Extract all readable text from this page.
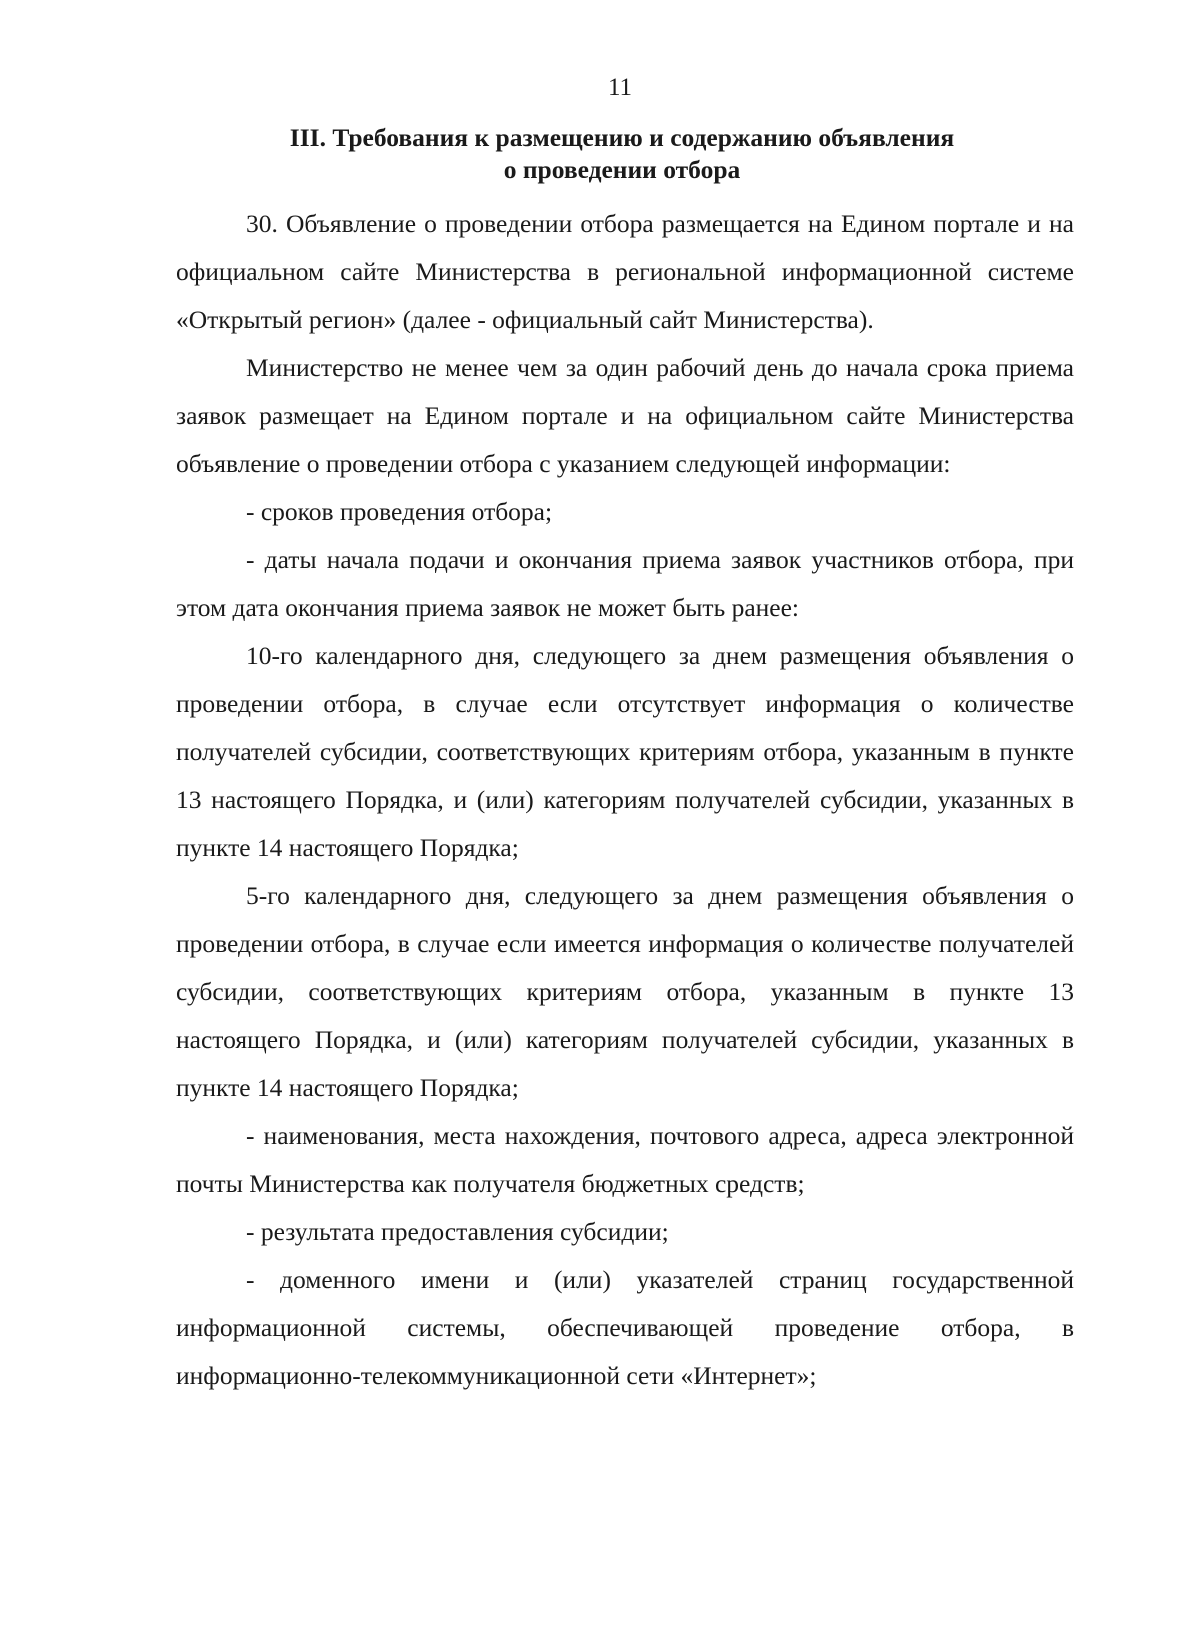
11
III. Требования к размещению и содержанию объявления
о проведении отбора

30. Объявление о проведении отбора размещается на Едином портале и на официальном сайте Министерства в региональной информационной системе «Открытый регион» (далее - официальный сайт Министерства).

Министерство не менее чем за один рабочий день до начала срока приема заявок размещает на Едином портале и на официальном сайте Министерства объявление о проведении отбора с указанием следующей информации:

- сроков проведения отбора;

- даты начала подачи и окончания приема заявок участников отбора, при этом дата окончания приема заявок не может быть ранее:

10-го календарного дня, следующего за днем размещения объявления о проведении отбора, в случае если отсутствует информация о количестве получателей субсидии, соответствующих критериям отбора, указанным в пункте 13 настоящего Порядка, и (или) категориям получателей субсидии, указанных в пункте 14 настоящего Порядка;

5-го календарного дня, следующего за днем размещения объявления о проведении отбора, в случае если имеется информация о количестве получателей субсидии, соответствующих критериям отбора, указанным в пункте 13 настоящего Порядка, и (или) категориям получателей субсидии, указанных в пункте 14 настоящего Порядка;

- наименования, места нахождения, почтового адреса, адреса электронной почты Министерства как получателя бюджетных средств;

- результата предоставления субсидии;

- доменного имени и (или) указателей страниц государственной информационной системы, обеспечивающей проведение отбора, в информационно-телекоммуникационной сети «Интернет»;
